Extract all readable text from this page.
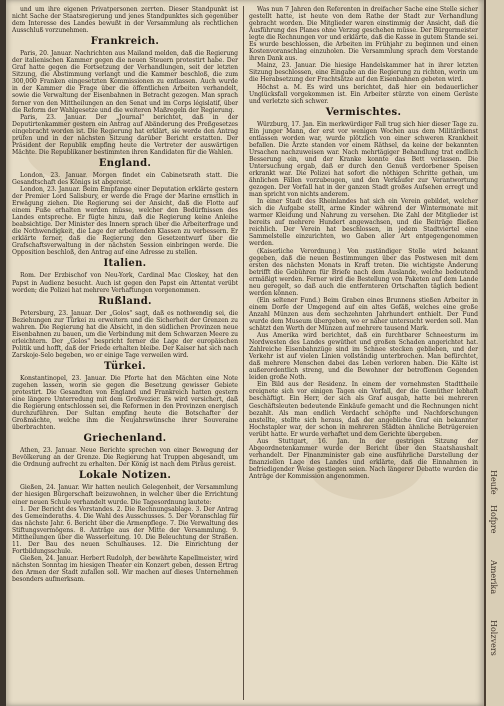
und um ihre eigenen Privatpersonen zerrten. Dieser Standpunkt ist nicht Sache der Staatsregierung und jenes Standpunktes sich gegenüber dem Interesse des Landes bewußt in der Versammlung als rechtlichen Ausschluß vorzunehmen.

Frankreich.

Paris, 20. Januar. Nachrichten aus Mailand melden, daß die Regierung der italienischen Kammer gegen die neuen Steuern protestirt habe. Der Graf hatte gegen die Fortsetzung der Verhandlungen, seit der letzten Sitzung, die Abstimmung verlangt und die Kammer beschloß, die zum 300,000 Franken eingesetzten Kommissionen zu entlassen. Auch wurde in der Kammer die Frage über die öffentlichen Arbeiten verhandelt, sowie die Verwaltung der Eisenbahnen in Betracht gezogen. Man sprach ferner von den Mittheilungen an den Senat und im Corps législatif, über die Reform der Wahlgesetze und die weiteren Maßregeln der Regierung.

Paris, 23. Januar. Der „Journal" berichtet, daß in der Deputirtenkammer gestern ein Antrag auf Abänderung des Preßgesetzes eingebracht worden ist. Die Regierung hat erklärt, sie werde den Antrag prüfen und in der nächsten Sitzung darüber Bericht erstatten. Der Präsident der Republik empfing heute die Vertreter der auswärtigen Mächte. Die Republikaner bestimmten ihren Kandidaten für die Wahlen.

England.

London, 23. Januar. Morgen findet ein Cabinetsrath statt. Die Gesandtschaft des Königs ist abgereist.

London, 23. Januar. Beim Empfange einer Deputation erklärte gestern der Premier Lord Salisbury, er werde die Frage der Marine ernstlich in Erwägung ziehen. Die Regierung sei der Ansicht, daß die Flotte auf einem Fuße erhalten werden müsse, welcher den Bedürfnissen des Landes entspreche. Er fügte hinzu, daß die Regierung keine Anleihe beabsichtige. Der Minister des Innern sprach über die Arbeiterfrage und die Nothwendigkeit, die Lage der arbeitenden Klassen zu verbessern. Er erklärte ferner, daß die Regierung den Gesetzentwurf über die Grafschaftsverwaltung in der nächsten Session einbringen werde. Die Opposition beschloß, den Antrag auf eine Adresse zu stellen.

Italien.

Rom. Der Erzbischof von Neu-York, Cardinal Mac Closkey, hat den Papst in Audienz besucht. Auch ist gegen den Papst ein Attentat verübt worden; die Polizei hat mehrere Verhaftungen vorgenommen.

Rußland.

Petersburg, 23. Januar. Der „Golos" sagt, daß es nothwendig sei, die Beziehungen zur Türkei zu erweitern und die Sicherheit der Grenzen zu wahren. Die Regierung hat die Absicht, in den südlichen Provinzen neue Eisenbahnen zu bauen, um die Verbindung mit dem Schwarzen Meere zu erleichtern. Der „Golos" bespricht ferner die Lage der europäischen Politik und hofft, daß der Friede erhalten bleibe. Der Kaiser hat sich nach Zarskoje-Selo begeben, wo er einige Tage verweilen wird.

Türkei.

Konstantinopel, 23. Januar. Die Pforte hat den Mächten eine Note zugehen lassen, worin sie gegen die Besetzung gewisser Gebiete protestirt. Die Gesandten von England und Frankreich hatten gestern eine längere Unterredung mit dem Großvezier. Es wird versichert, daß die Regierung entschlossen sei, die Reformen in den Provinzen energisch durchzuführen. Der Sultan empfing heute die Botschafter der Großmächte, welche ihm die Neujahrswünsche ihrer Souveraine überbrachten.

Griechenland.

Athen, 23. Januar. Neue Berichte sprechen von einer Bewegung der Bevölkerung an der Grenze. Die Regierung hat Truppen abgesandt, um die Ordnung aufrecht zu erhalten. Der König ist nach dem Piräus gereist.

Lokale Notizen.

Gießen, 24. Januar. Wir hatten neulich Gelegenheit, der Versammlung der hiesigen Bürgerschaft beizuwohnen, in welcher über die Errichtung einer neuen Schule verhandelt wurde. Die Tagesordnung lautete:

1. Der Bericht des Vorstandes. 2. Die Rechnungsablage. 3. Der Antrag des Gemeinderaths. 4. Die Wahl des Ausschusses. 5. Der Voranschlag für das nächste Jahr. 6. Bericht über die Armenpflege. 7. Die Verwaltung des Stiftungsvermögens. 8. Anträge aus der Mitte der Versammlung. 9. Mittheilungen über die Wasserleitung. 10. Die Beleuchtung der Straßen. 11. Der Bau des neuen Schulhauses. 12. Die Einrichtung der Fortbildungsschule.

Gießen, 24. Januar. Herbert Rudolph, der bewährte Kapellmeister, wird nächsten Sonntag im hiesigen Theater ein Konzert geben, dessen Ertrag den Armen der Stadt zufallen soll. Wir machen auf dieses Unternehmen besonders aufmerksam.

Was nun 7 Jahren den Referenten in dreifacher Sache eine Stelle sicher gestellt hatte, ist heute von dem Rathe der Stadt zur Verhandlung gebracht worden. Die Mitglieder waren einstimmig der Ansicht, daß die Ausführung des Planes ohne Verzug geschehen müsse. Der Bürgermeister legte die Rechnungen vor und erklärte, daß die Kasse in gutem Stande sei. Es wurde beschlossen, die Arbeiten im Frühjahr zu beginnen und einen Kostenvoranschlag einzuholen. Die Versammlung sprach dem Vorstande ihren Dank aus.

Mainz, 23. Januar. Die hiesige Handelskammer hat in ihrer letzten Sitzung beschlossen, eine Eingabe an die Regierung zu richten, worin um die Herabsetzung der Frachtsätze auf den Eisenbahnen gebeten wird.

Höchst a. M. Es wird uns berichtet, daß hier ein bedauerlicher Unglücksfall vorgekommen ist. Ein Arbeiter stürzte von einem Gerüste und verletzte sich schwer.

Vermischtes.

Würzburg, 17. Jan. Ein merkwürdiger Fall trug sich hier dieser Tage zu. Ein junger Mann, der erst vor wenigen Wochen aus dem Militärdienst entlassen worden war, wurde plötzlich von einer schweren Krankheit befallen. Die Ärzte standen vor einem Räthsel, da keine der bekannten Ursachen nachzuweisen war. Nach mehrtägiger Behandlung trat endlich Besserung ein, und der Kranke konnte das Bett verlassen. Die Untersuchung ergab, daß er durch den Genuß verdorbener Speisen erkrankt war. Die Polizei hat sofort die nöthigen Schritte gethan, um ähnlichen Fällen vorzubeugen, und den Verkäufer zur Verantwortung gezogen. Der Vorfall hat in der ganzen Stadt großes Aufsehen erregt und man spricht von nichts anderem.

In einer Stadt des Rheinlandes hat sich ein Verein gebildet, welcher sich die Aufgabe stellt, arme Kinder während der Wintermonate mit warmer Kleidung und Nahrung zu versehen. Die Zahl der Mitglieder ist bereits auf mehrere Hundert angewachsen, und die Beiträge fließen reichlich. Der Verein hat beschlossen, in jedem Stadtviertel eine Sammelstelle einzurichten, wo Gaben aller Art entgegengenommen werden.

(Kaiserliche Verordnung.) Von zuständiger Stelle wird bekannt gegeben, daß die neuen Bestimmungen über das Postwesen mit dem ersten des nächsten Monats in Kraft treten. Die wichtigste Änderung betrifft die Gebühren für Briefe nach dem Auslande, welche bedeutend ermäßigt werden. Ferner wird die Bestellung von Paketen auf dem Lande neu geregelt, so daß auch die entfernteren Ortschaften täglich bedient werden können.

(Ein seltener Fund.) Beim Graben eines Brunnens stießen Arbeiter in einem Dorfe der Umgegend auf ein altes Gefäß, welches eine große Anzahl Münzen aus dem sechzehnten Jahrhundert enthielt. Der Fund wurde dem Museum übergeben, wo er näher untersucht werden soll. Man schätzt den Werth der Münzen auf mehrere tausend Mark.

Aus Amerika wird berichtet, daß ein furchtbarer Schneesturm im Nordwesten des Landes gewüthet und großen Schaden angerichtet hat. Zahlreiche Eisenbahnzüge sind im Schnee stecken geblieben, und der Verkehr ist auf vielen Linien vollständig unterbrochen. Man befürchtet, daß mehrere Menschen dabei das Leben verloren haben. Die Kälte ist außerordentlich streng, und die Bewohner der betroffenen Gegenden leiden große Noth.

Ein Bild aus der Residenz. In einem der vornehmsten Stadttheile ereignete sich vor einigen Tagen ein Vorfall, der die Gemüther lebhaft beschäftigt. Ein Herr, der sich als Graf ausgab, hatte bei mehreren Geschäftsleuten bedeutende Einkäufe gemacht und die Rechnungen nicht bezahlt. Als man endlich Verdacht schöpfte und Nachforschungen anstellte, stellte sich heraus, daß der angebliche Graf ein bekannter Hochstapler war, der schon in mehreren Städten ähnliche Betrügereien verübt hatte. Er wurde verhaftet und dem Gerichte übergeben.

Aus Stuttgart, 16. Jan. In der gestrigen Sitzung der Abgeordnetenkammer wurde der Bericht über den Staatshaushalt verhandelt. Der Finanzminister gab eine ausführliche Darstellung der finanziellen Lage des Landes und erklärte, daß die Einnahmen in befriedigender Weise gestiegen seien. Nach längerer Debatte wurden die Anträge der Kommission angenommen.	Heufe
Hofpre
Amerika
Holzvers
